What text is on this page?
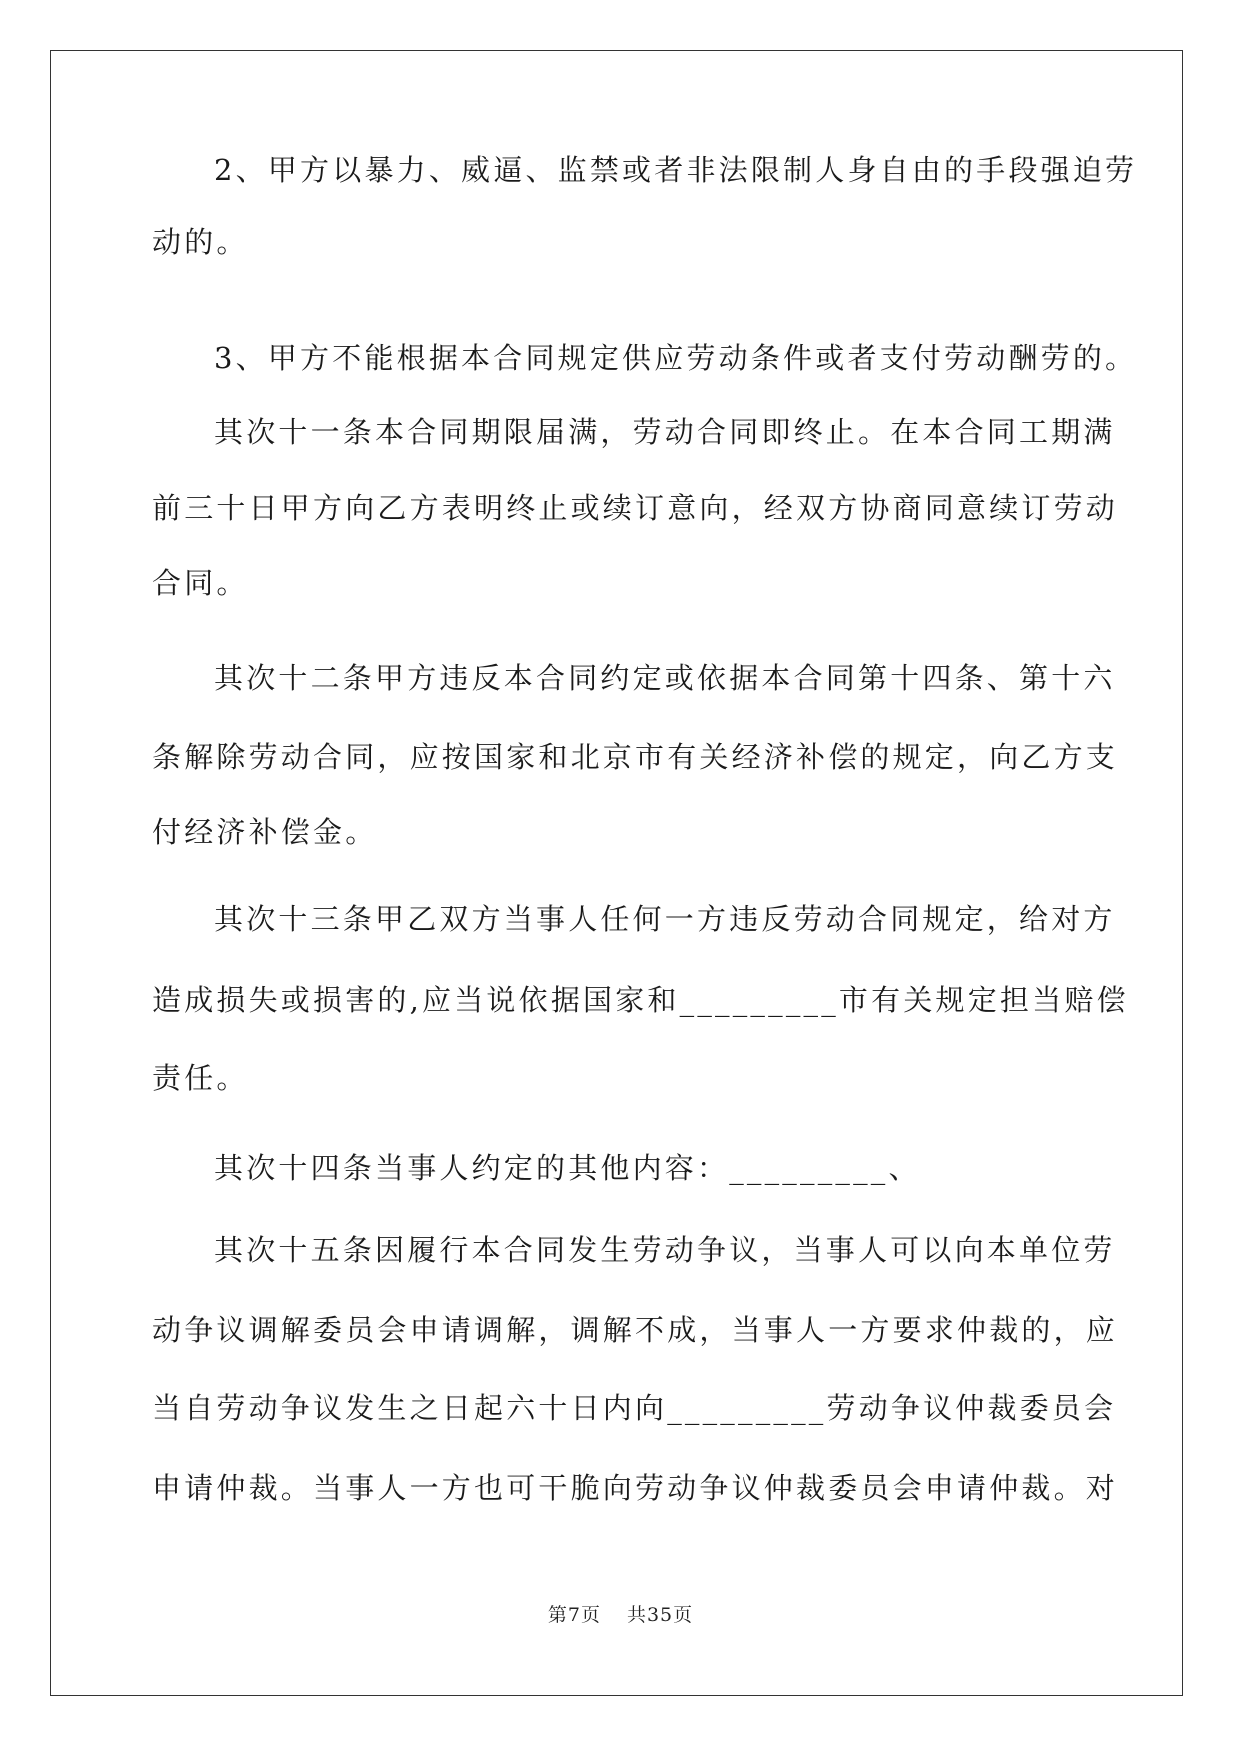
2、甲方以暴力、威逼、监禁或者非法限制人身自由的手段强迫劳
动的。
3、甲方不能根据本合同规定供应劳动条件或者支付劳动酬劳的。
其次十一条本合同期限届满，劳动合同即终止。在本合同工期满
前三十日甲方向乙方表明终止或续订意向，经双方协商同意续订劳动
合同。
其次十二条甲方违反本合同约定或依据本合同第十四条、第十六
条解除劳动合同，应按国家和北京市有关经济补偿的规定，向乙方支
付经济补偿金。
其次十三条甲乙双方当事人任何一方违反劳动合同规定，给对方
造成损失或损害的,应当说依据国家和_________市有关规定担当赔偿
责任。
其次十四条当事人约定的其他内容：_________、
其次十五条因履行本合同发生劳动争议，当事人可以向本单位劳
动争议调解委员会申请调解，调解不成，当事人一方要求仲裁的，应
当自劳动争议发生之日起六十日内向_________劳动争议仲裁委员会
申请仲裁。当事人一方也可干脆向劳动争议仲裁委员会申请仲裁。对
第7页 共35页
